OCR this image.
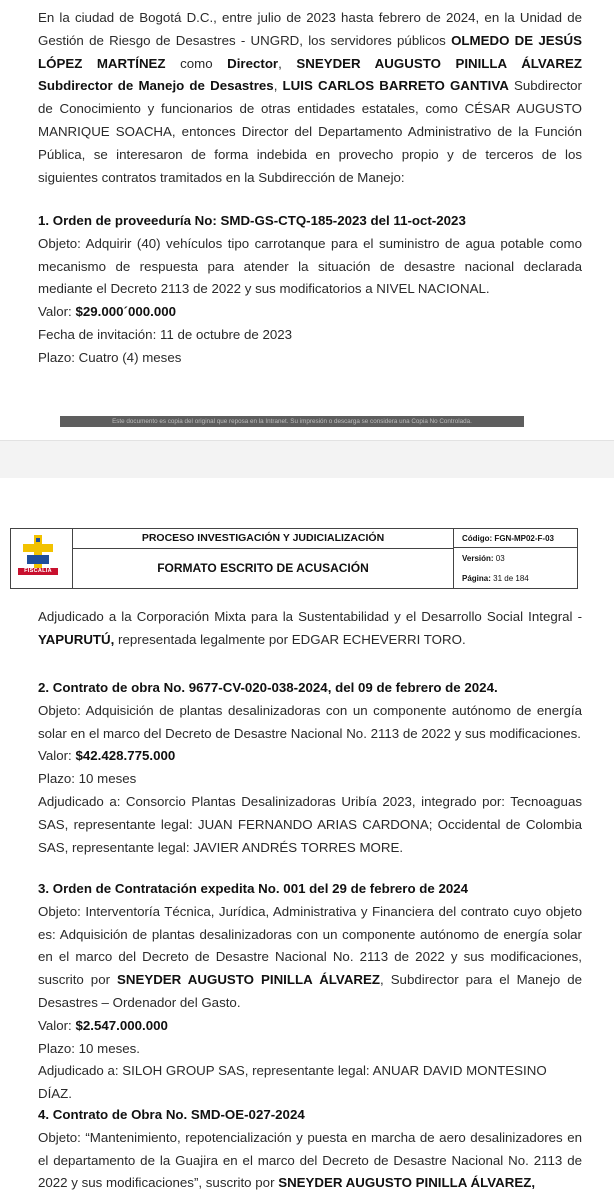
En la ciudad de Bogotá D.C., entre julio de 2023 hasta febrero de 2024, en la Unidad de Gestión de Riesgo de Desastres - UNGRD, los servidores públicos OLMEDO DE JESÚS LÓPEZ MARTÍNEZ como Director, SNEYDER AUGUSTO PINILLA ÁLVAREZ Subdirector de Manejo de Desastres, LUIS CARLOS BARRETO GANTIVA Subdirector de Conocimiento y funcionarios de otras entidades estatales, como CÉSAR AUGUSTO MANRIQUE SOACHA, entonces Director del Departamento Administrativo de la Función Pública, se interesaron de forma indebida en provecho propio y de terceros de los siguientes contratos tramitados en la Subdirección de Manejo:

1. Orden de proveeduría No: SMD-GS-CTQ-185-2023 del 11-oct-2023

Objeto: Adquirir (40) vehículos tipo carrotanque para el suministro de agua potable como mecanismo de respuesta para atender la situación de desastre nacional declarada mediante el Decreto 2113 de 2022 y sus modificatorios a NIVEL NACIONAL.

Valor: $29.000´000.000

Fecha de invitación: 11 de octubre de 2023

Plazo: Cuatro (4) meses

Este documento es copia del original que reposa en la Intranet. Su impresión o descarga se considera una Copia No Controlada.
FISCALÍA
PROCESO INVESTIGACIÓN Y JUDICIALIZACIÓN
FORMATO ESCRITO DE ACUSACIÓN
Código: FGN-MP02-F-03
Versión: 03
Página: 31 de 184

Adjudicado a la Corporación Mixta para la Sustentabilidad y el Desarrollo Social Integral - YAPURUTÚ, representada legalmente por EDGAR ECHEVERRI TORO.

2. Contrato de obra No. 9677-CV-020-038-2024, del 09 de febrero de 2024.

Objeto: Adquisición de plantas desalinizadoras con un componente autónomo de energía solar en el marco del Decreto de Desastre Nacional No. 2113 de 2022 y sus modificaciones.

Valor: $42.428.775.000

Plazo: 10 meses

Adjudicado a: Consorcio Plantas Desalinizadoras Uribía 2023, integrado por: Tecnoaguas SAS, representante legal: JUAN FERNANDO ARIAS CARDONA; Occidental de Colombia SAS, representante legal: JAVIER ANDRÉS TORRES MORE.

3. Orden de Contratación expedita No. 001 del 29 de febrero de 2024

Objeto: Interventoría Técnica, Jurídica, Administrativa y Financiera del contrato cuyo objeto es: Adquisición de plantas desalinizadoras con un componente autónomo de energía solar en el marco del Decreto de Desastre Nacional No. 2113 de 2022 y sus modificaciones, suscrito por SNEYDER AUGUSTO PINILLA ÁLVAREZ, Subdirector para el Manejo de Desastres – Ordenador del Gasto.

Valor: $2.547.000.000

Plazo: 10 meses.

Adjudicado a: SILOH GROUP SAS, representante legal: ANUAR DAVID MONTESINO DÍAZ.

4. Contrato de Obra No. SMD-OE-027-2024

Objeto: “Mantenimiento, repotencialización y puesta en marcha de aero desalinizadores en el departamento de la Guajira en el marco del Decreto de Desastre Nacional No. 2113 de 2022 y sus modificaciones”, suscrito por SNEYDER AUGUSTO PINILLA ÁLVAREZ,
